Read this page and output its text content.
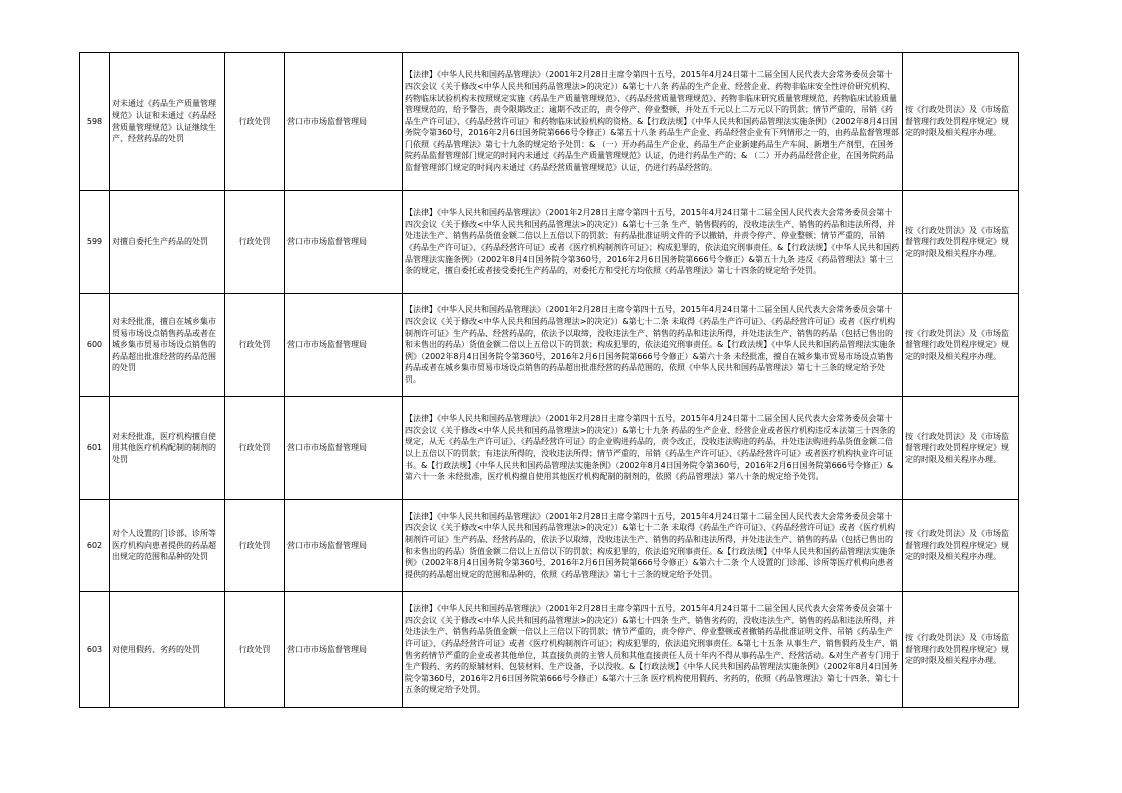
598	对未通过《药品生产质量管理规范》认证和未通过《药品经营质量管理规范》认证继续生产、经营药品的处罚	行政处罚	营口市市场监督管理局	【法律】《中华人民共和国药品管理法》（2001年2月28日主席令第四十五号，2015年4月24日第十二届全国人民代表大会常务委员会第十四次会议《关于修改<中华人民共和国药品管理法>的决定》）&第七十八条 药品的生产企业、经营企业、药物非临床安全性评价研究机构、药物临床试验机构未按照规定实施《药品生产质量管理规范》、《药品经营质量管理规范》、药物非临床研究质量管理规范、药物临床试验质量管理规范的，给予警告，责令限期改正；逾期不改正的，责令停产、停业整顿，并处五千元以上二万元以下的罚款；情节严重的，吊销《药品生产许可证》、《药品经营许可证》和药物临床试验机构的资格。&【行政法规】《中华人民共和国药品管理法实施条例》（2002年8月4日国务院令第360号，2016年2月6日国务院第666号令修正）&第五十八条 药品生产企业、药品经营企业有下列情形之一的，由药品监督管理部门依照《药品管理法》第七十九条的规定给予处罚：& （一）开办药品生产企业、药品生产企业新建药品生产车间、新增生产剂型，在国务院药品监督管理部门规定的时间内未通过《药品生产质量管理规范》认证，仍进行药品生产的；& （二）开办药品经营企业，在国务院药品监督管理部门规定的时间内未通过《药品经营质量管理规范》认证，仍进行药品经营的。	按《行政处罚法》及《市场监督管理行政处罚程序规定》规定的时限及相关程序办理。
599	对擅自委托生产药品的处罚	行政处罚	营口市市场监督管理局	【法律】《中华人民共和国药品管理法》（2001年2月28日主席令第四十五号，2015年4月24日第十二届全国人民代表大会常务委员会第十四次会议《关于修改<中华人民共和国药品管理法>的决定》）&第七十三条 生产、销售假药的，没收违法生产、销售的药品和违法所得，并处违法生产、销售药品货值金额二倍以上五倍以下的罚款；有药品批准证明文件的予以撤销，并责令停产、停业整顿；情节严重的，吊销《药品生产许可证》、《药品经营许可证》或者《医疗机构制剂许可证》；构成犯罪的，依法追究刑事责任。&【行政法规】《中华人民共和国药品管理法实施条例》（2002年8月4日国务院令第360号，2016年2月6日国务院第666号令修正）&第五十九条 违反《药品管理法》第十三条的规定，擅自委托或者接受委托生产药品的，对委托方和受托方均依照《药品管理法》第七十四条的规定给予处罚。	按《行政处罚法》及《市场监督管理行政处罚程序规定》规定的时限及相关程序办理。
600	对未经批准，擅自在城乡集市贸易市场设点销售药品或者在城乡集市贸易市场设点销售的药品超出批准经营的药品范围的处罚	行政处罚	营口市市场监督管理局	【法律】《中华人民共和国药品管理法》（2001年2月28日主席令第四十五号，2015年4月24日第十二届全国人民代表大会常务委员会第十四次会议《关于修改<中华人民共和国药品管理法>的决定》）&第七十二条 未取得《药品生产许可证》、《药品经营许可证》或者《医疗机构制剂许可证》生产药品、经营药品的，依法予以取缔，没收违法生产、销售的药品和违法所得，并处违法生产、销售的药品（包括已售出的和未售出的药品）货值金额二倍以上五倍以下的罚款；构成犯罪的，依法追究刑事责任。&【行政法规】《中华人民共和国药品管理法实施条例》（2002年8月4日国务院令第360号，2016年2月6日国务院第666号令修正）&第六十条 未经批准，擅自在城乡集市贸易市场设点销售药品或者在城乡集市贸易市场设点销售的药品超出批准经营的药品范围的，依照《中华人民共和国药品管理法》第七十三条的规定给予处罚。	按《行政处罚法》及《市场监督管理行政处罚程序规定》规定的时限及相关程序办理。
601	对未经批准，医疗机构擅自使用其他医疗机构配制的制剂的处罚	行政处罚	营口市市场监督管理局	【法律】《中华人民共和国药品管理法》（2001年2月28日主席令第四十五号，2015年4月24日第十二届全国人民代表大会常务委员会第十四次会议《关于修改<中华人民共和国药品管理法>的决定》）&第七十九条 药品的生产企业、经营企业或者医疗机构违反本法第三十四条的规定，从无《药品生产许可证》、《药品经营许可证》的企业购进药品的，责令改正，没收违法购进的药品，并处违法购进药品货值金额二倍以上五倍以下的罚款；有违法所得的，没收违法所得；情节严重的，吊销《药品生产许可证》、《药品经营许可证》或者医疗机构执业许可证书。&【行政法规】《中华人民共和国药品管理法实施条例》（2002年8月4日国务院令第360号，2016年2月6日国务院第666号令修正）&第六十一条 未经批准，医疗机构擅自使用其他医疗机构配制的制剂的，依照《药品管理法》第八十条的规定给予处罚。	按《行政处罚法》及《市场监督管理行政处罚程序规定》规定的时限及相关程序办理。
602	对个人设置的门诊部、诊所等医疗机构向患者提供的药品超出规定的范围和品种的处罚	行政处罚	营口市市场监督管理局	【法律】《中华人民共和国药品管理法》（2001年2月28日主席令第四十五号，2015年4月24日第十二届全国人民代表大会常务委员会第十四次会议《关于修改<中华人民共和国药品管理法>的决定》）&第七十二条 未取得《药品生产许可证》、《药品经营许可证》或者《医疗机构制剂许可证》生产药品、经营药品的，依法予以取缔，没收违法生产、销售的药品和违法所得，并处违法生产、销售的药品（包括已售出的和未售出的药品）货值金额二倍以上五倍以下的罚款；构成犯罪的，依法追究刑事责任。&【行政法规】《中华人民共和国药品管理法实施条例》（2002年8月4日国务院令第360号，2016年2月6日国务院第666号令修正）&第六十二条 个人设置的门诊部、诊所等医疗机构向患者提供的药品超出规定的范围和品种的，依照《药品管理法》第七十三条的规定给予处罚。	按《行政处罚法》及《市场监督管理行政处罚程序规定》规定的时限及相关程序办理。
603	对使用假药、劣药的处罚	行政处罚	营口市市场监督管理局	【法律】《中华人民共和国药品管理法》（2001年2月28日主席令第四十五号，2015年4月24日第十二届全国人民代表大会常务委员会第十四次会议《关于修改<中华人民共和国药品管理法>的决定》）&第七十四条 生产、销售劣药的，没收违法生产、销售的药品和违法所得，并处违法生产、销售药品货值金额一倍以上三倍以下的罚款；情节严重的，责令停产、停业整顿或者撤销药品批准证明文件、吊销《药品生产许可证》、《药品经营许可证》或者《医疗机构制剂许可证》；构成犯罪的，依法追究刑事责任。&第七十五条 从事生产、销售假药及生产、销售劣药情节严重的企业或者其他单位，其直接负责的主管人员和其他直接责任人员十年内不得从事药品生产、经营活动。&对生产者专门用于生产假药、劣药的原辅材料、包装材料、生产设备，予以没收。&【行政法规】《中华人民共和国药品管理法实施条例》（2002年8月4日国务院令第360号，2016年2月6日国务院第666号令修正）&第六十三条 医疗机构使用假药、劣药的，依照《药品管理法》第七十四条、第七十五条的规定给予处罚。	按《行政处罚法》及《市场监督管理行政处罚程序规定》规定的时限及相关程序办理。
